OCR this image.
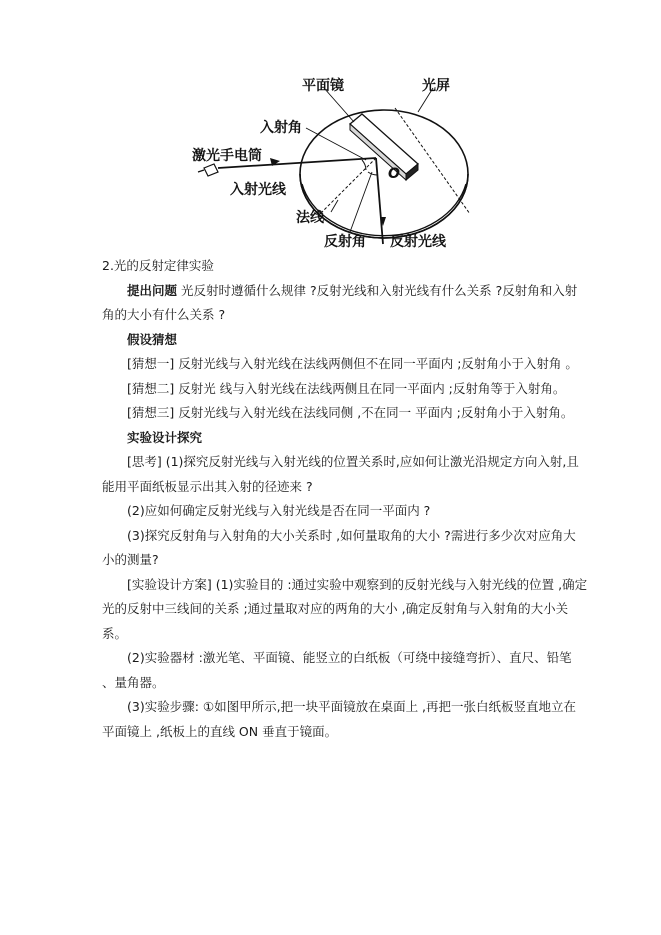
平面镜	光屏
入射角
激光手电筒
入射光线
O
法线
反射角 反射光线

2.光的反射定律实验

提出问题 光反射时遵循什么规律 ?反射光线和入射光线有什么关系 ?反射角和入射角的大小有什么关系 ?

假设猜想

[猜想一] 反射光线与入射光线在法线两侧但不在同一平面内 ;反射角小于入射角 。

[猜想二] 反射光 线与入射光线在法线两侧且在同一平面内 ;反射角等于入射角。

[猜想三] 反射光线与入射光线在法线同侧 ,不在同一 平面内 ;反射角小于入射角。

实验设计探究

[思考] (1)探究反射光线与入射光线的位置关系时,应如何让激光沿规定方向入射,且能用平面纸板显示出其入射的径迹来 ?

(2)应如何确定反射光线与入射光线是否在同一平面内 ?

(3)探究反射角与入射角的大小关系时 ,如何量取角的大小 ?需进行多少次对应角大小的测量?

[实验设计方案] (1)实验目的 :通过实验中观察到的反射光线与入射光线的位置 ,确定光的反射中三线间的关系 ;通过量取对应的两角的大小 ,确定反射角与入射角的大小关系。

(2)实验器材 :激光笔、平面镜、能竖立的白纸板（可绕中接缝弯折）、直尺、铅笔 、量角器。

(3)实验步骤: ①如图甲所示,把一块平面镜放在桌面上 ,再把一张白纸板竖直地立在平面镜上 ,纸板上的直线 ON 垂直于镜面。
